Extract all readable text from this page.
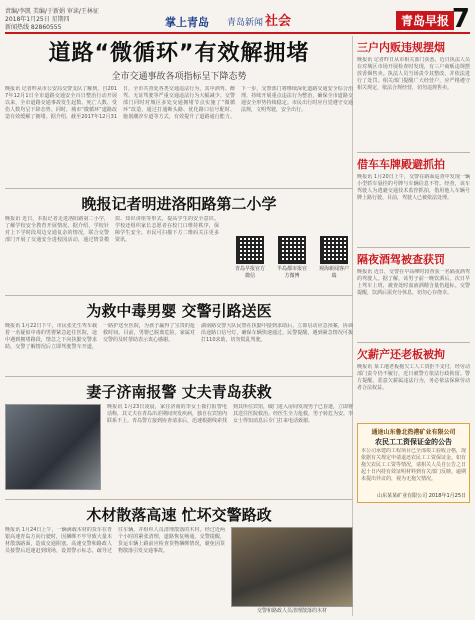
责编/李凯 美编/于新娟 审读/王林征
2018年1月25日 星期四
新闻热线 82860555	掌上青岛 青岛新闻 社会	青岛早报 7
道路“微循环”有效解拥堵
全市交通事故各项指标呈下降态势
晚报讯 记者昨从市公安局交警支队了解到，自2017年12月1日全市道路交通安全百日整治行动开展以来，全市道路交通事故发生起数、死亡人数、受伤人数均呈下降态势。同时，城市“微循环”道路改造有效缓解了拥堵。据介绍，截至2017年12月31日，全市共查处各类交通违法行为，其中酒驾、醉驾、无证驾驶等严重交通违法行为大幅减少。交警部门同时对城区多处交通拥堵节点实施了“微循环”改造，通过打通断头路、优化路口信号配时、施划潮汐车道等方式，有效提升了道路通行能力。下一步，交警部门将继续深化道路交通安全综合治理，持续开展重点违法行为整治，确保全市道路交通安全形势持续稳定。市民出行时应自觉遵守交通法规，文明驾驶，安全出行。
晚报记者明进洛阳路第二小学
晚报讯 近日，本报记者走进洛阳路第二小学，了解学校安全教育开展情况。据介绍，学校针对上下学时段周边交通复杂的情况，联合交警部门开展了交通安全进校园活动，通过情景模拟、知识讲座等形式，提高学生的安全意识。学校还组织家长志愿者在校门口维持秩序，保障学生安全。市民可扫描下方二维码关注更多资讯。
青岛早报官方微信
半岛都市报官方微博
观海新闻客户端
为救中毒男婴 交警引路送医
晚报讯 1月22日下午，市民张先生驾车载着一名疑似中毒的男婴紧急赶往医院，途中遇到拥堵路段，情急之下向执勤交警求助。交警了解情况后立即驾驶警车开道，一路护送至医院，为孩子赢得了宝贵的抢救时间。目前，男婴已脱离危险。家属对交警的及时帮助表示衷心感谢。
湖南路交警大队民警在执勤中接到求助后，立即启动应急预案，协调沿途路口信号灯，确保车辆快速通过。民警提醒，遇到紧急情况可拨打110求助，切勿慌乱驾驶。
妻子济南报警 丈夫青岛获救
晚报讯 1月23日凌晨，家住济南的李女士拨打报警电话称，其丈夫在青岛出差期间突发疾病，独自在宾馆内联系不上。青岛警方接到协查请求后，迅速根据线索找到其所住宾馆，破门进入房间发现男子已昏迷，立即将其送往医院救治。经医生全力抢救，男子转危为安。李女士得知消息后专门打来电话致谢。
木材散落高速 忙坏交警路政
晚报讯 1月24日上午，一辆满载木材的货车在青银高速青岛方向行驶时，因捆绑不牢导致大量木材散落路面，造成交通阻塞。高速交警和路政人员接警后迅速赶到现场，设置警示标志，疏导过往车辆，并组织人员清理散落的木材。经过近两个小时的紧张清理，道路恢复畅通。交警提醒，货运车辆上路前应检查货物捆绑情况，避免因货物散落引发交通事故。
交警和路政人员清理散落的木材
三户内贩违规摆烟
晚报讯 记者昨日从市相关部门获悉，近日执法人员在对城区市场开展检查时发现，有三户商贩违规摆放香烟售卖。执法人员当场责令其整改，并依法进行了处罚。相关部门提醒广大经营户，应严格遵守相关规定，依法合规经营，切勿违规售卖。
借车车牌殿避抓拍
晚报讯 1月20日上午，交警在路面巡查中发现一辆小型轿车悬挂的号牌与车辆信息不符。经查，该车驾驶人为逃避交通技术监控抓拍，借用他人车辆号牌上路行驶。目前，驾驶人已被依法处理。
隔夜酒驾被查获罚
晚报讯 近日，交警在早高峰时段查获一名隔夜酒驾的驾驶人。据了解，该男子前一晚饮酒后，次日早上驾车上班，被查处时血液酒精含量仍超标。交警提醒，饮酒后需充分休息，切勿心存侥幸。
欠薪产还老板被拘
晚报讯 某工地老板拖欠工人工资拒不支付，经劳动部门责令仍不履行，近日被警方依法行政拘留。警方提醒，恶意欠薪属违法行为，务必依法保障劳动者合法权益。
通途山东鲁北热港矿业有限公司
农民工工资保证金的公告
本公司承建的工程项目已全部竣工验收合格，现依据有关规定申请退还农民工工资保证金。如有拖欠农民工工资等情况，请相关人员自公告之日起十日内持有效证明材料到有关部门反映。逾期未提出异议的，视为无拖欠情况。
山东某某矿业有限公司 2018年1月25日
